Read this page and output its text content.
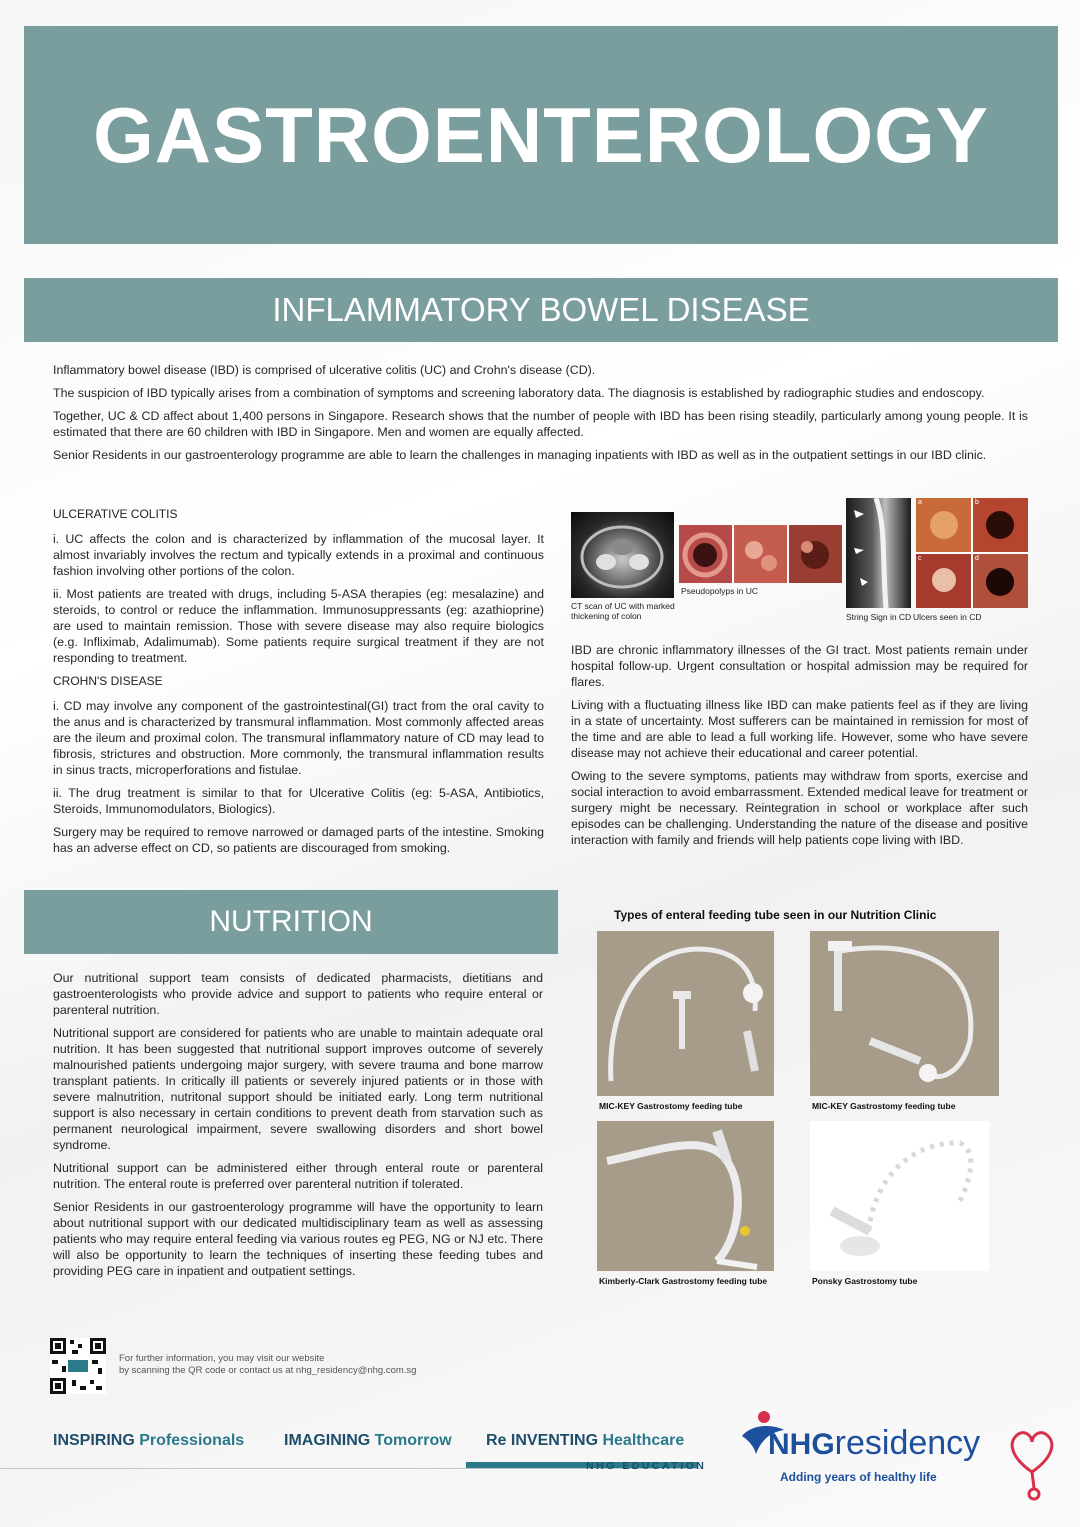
GASTROENTEROLOGY
INFLAMMATORY BOWEL DISEASE

Inflammatory bowel disease (IBD) is comprised of ulcerative colitis (UC) and Crohn's disease (CD).

The suspicion of IBD typically arises from a combination of symptoms and screening laboratory data. The diagnosis is established by radiographic studies and endoscopy.

Together, UC & CD affect about 1,400 persons in Singapore. Research shows that the number of people with IBD has been rising steadily, particularly among young people. It is estimated that there are 60 children with IBD in Singapore. Men and women are equally affected.

Senior Residents in our gastroenterology programme are able to learn the challenges in managing inpatients with IBD as well as in the outpatient settings in our IBD clinic.

ULCERATIVE COLITIS

i. UC affects the colon and is characterized by inflammation of the mucosal layer. It almost invariably involves the rectum and typically extends in a proximal and continuous fashion involving other portions of the colon.

ii. Most patients are treated with drugs, including 5-ASA therapies (eg: mesalazine) and steroids, to control or reduce the inflammation. Immunosuppressants (eg: azathioprine) are used to maintain remission. Those with severe disease may also require biologics (e.g. Infliximab, Adalimumab). Some patients require surgical treatment if they are not responding to treatment.

CROHN'S DISEASE

i. CD may involve any component of the gastrointestinal(GI) tract from the oral cavity to the anus and is characterized by transmural inflammation. Most commonly affected areas are the ileum and proximal colon. The transmural inflammatory nature of CD may lead to fibrosis, strictures and obstruction. More commonly, the transmural inflammation results in sinus tracts, microperforations and fistulae.

ii. The drug treatment is similar to that for Ulcerative Colitis (eg: 5-ASA, Antibiotics, Steroids, Immunomodulators, Biologics).

Surgery may be required to remove narrowed or damaged parts of the intestine. Smoking has an adverse effect on CD, so patients are discouraged from smoking.

CT scan of UC with marked thickening of colon
Pseudopolyps in UC
a	b
c	d
String Sign in CD Ulcers seen in CD

IBD are chronic inflammatory illnesses of the GI tract. Most patients remain under hospital follow-up. Urgent consultation or hospital admission may be required for flares.

Living with a fluctuating illness like IBD can make patients feel as if they are living in a state of uncertainty. Most sufferers can be maintained in remission for most of the time and are able to lead a full working life. However, some who have severe disease may not achieve their educational and career potential.

Owing to the severe symptoms, patients may withdraw from sports, exercise and social interaction to avoid embarrassment. Extended medical leave for treatment or surgery might be necessary. Reintegration in school or workplace after such episodes can be challenging. Understanding the nature of the disease and positive interaction with family and friends will help patients cope living with IBD.

NUTRITION

Our nutritional support team consists of dedicated pharmacists, dietitians and gastroenterologists who provide advice and support to patients who require enteral or parenteral nutrition.

Nutritional support are considered for patients who are unable to maintain adequate oral nutrition. It has been suggested that nutritional support improves outcome of severely malnourished patients undergoing major surgery, with severe trauma and bone marrow transplant patients. In critically ill patients or severely injured patients or in those with severe malnutrition, nutritonal support should be initiated early. Long term nutritional support is also necessary in certain conditions to prevent death from starvation such as permanent neurological impairment, severe swallowing disorders and short bowel syndrome.

Nutritional support can be administered either through enteral route or parenteral nutrition. The enteral route is preferred over parenteral nutrition if tolerated.

Senior Residents in our gastroenterology programme will have the opportunity to learn about nutritional support with our dedicated multidisciplinary team as well as assessing patients who may require enteral feeding via various routes eg PEG, NG or NJ etc. There will also be opportunity to learn the techniques of inserting these feeding tubes and providing PEG care in inpatient and outpatient settings.

Types of enteral feeding tube seen in our Nutrition Clinic
MIC-KEY Gastrostomy feeding tube	MIC-KEY Gastrostomy feeding tube
Kimberly-Clark Gastrostomy feeding tube	Ponsky Gastrostomy tube
For further information, you may visit our website
by scanning the QR code or contact us at nhg_residency@nhg.com.sg
INSPIRING Professionals IMAGINING Tomorrow Re INVENTING Healthcare
NHG EDUCATION
NHGresidency
Adding years of healthy life
